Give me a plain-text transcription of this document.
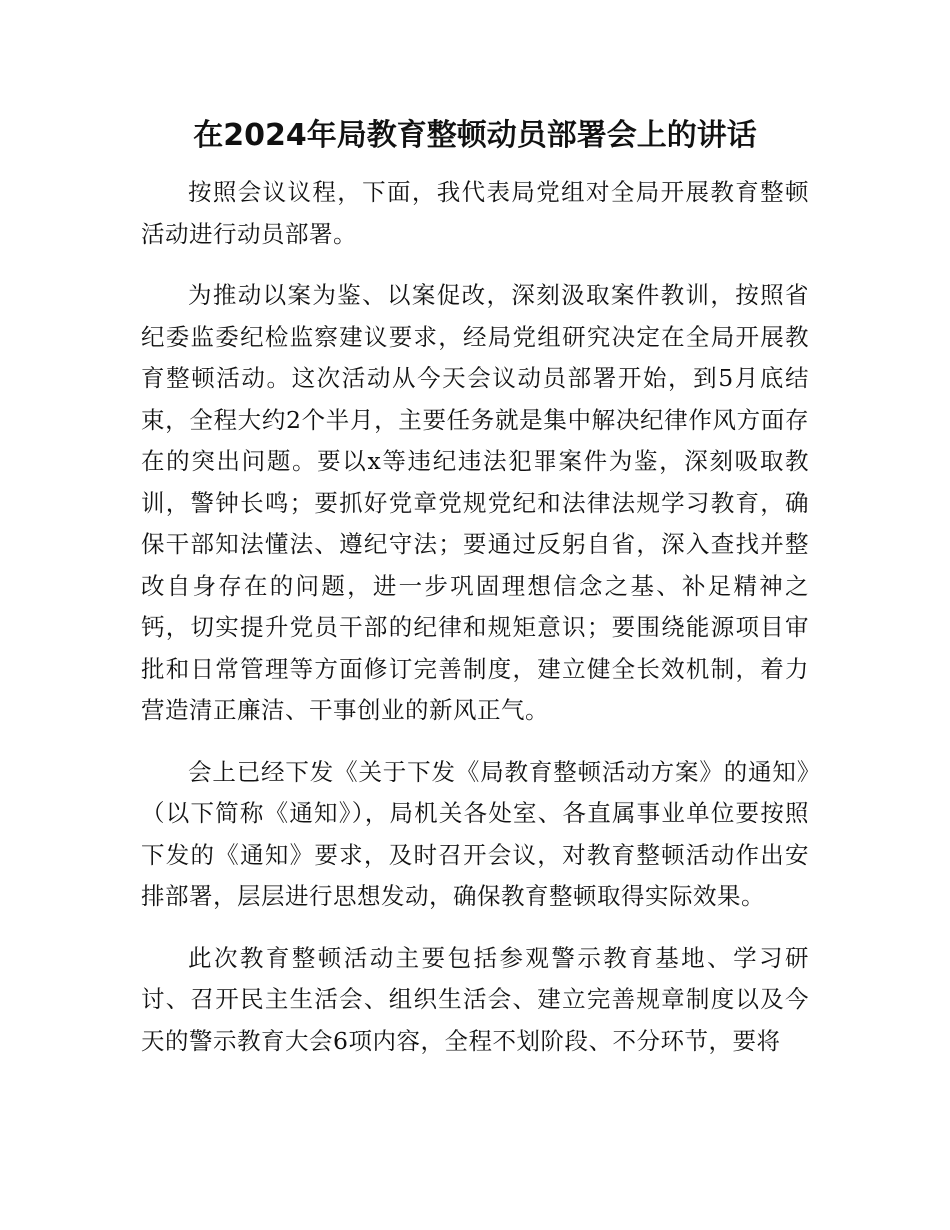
在2024年局教育整顿动员部署会上的讲话

按照会议议程，下面，我代表局党组对全局开展教育整顿活动进行动员部署。

为推动以案为鉴、以案促改，深刻汲取案件教训，按照省纪委监委纪检监察建议要求，经局党组研究决定在全局开展教育整顿活动。这次活动从今天会议动员部署开始，到5月底结束，全程大约2个半月，主要任务就是集中解决纪律作风方面存在的突出问题。要以x等违纪违法犯罪案件为鉴，深刻吸取教训，警钟长鸣；要抓好党章党规党纪和法律法规学习教育，确保干部知法懂法、遵纪守法；要通过反躬自省，深入查找并整改自身存在的问题，进一步巩固理想信念之基、补足精神之钙，切实提升党员干部的纪律和规矩意识；要围绕能源项目审批和日常管理等方面修订完善制度，建立健全长效机制，着力营造清正廉洁、干事创业的新风正气。

会上已经下发《关于下发《局教育整顿活动方案》的通知》（以下简称《通知》），局机关各处室、各直属事业单位要按照下发的《通知》要求，及时召开会议，对教育整顿活动作出安排部署，层层进行思想发动，确保教育整顿取得实际效果。

此次教育整顿活动主要包括参观警示教育基地、学习研讨、召开民主生活会、组织生活会、建立完善规章制度以及今天的警示教育大会6项内容，全程不划阶段、不分环节，要将
